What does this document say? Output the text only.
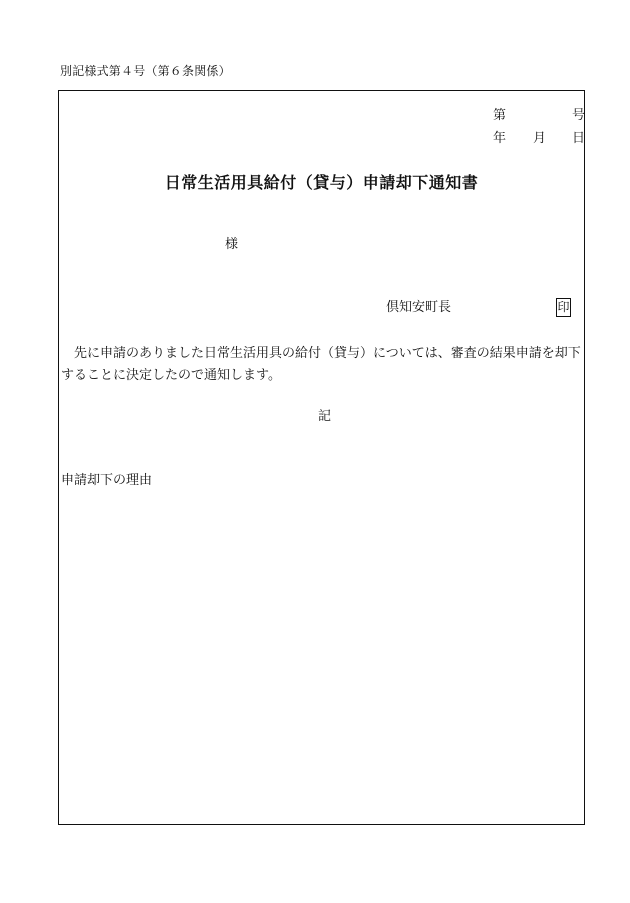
別記様式第４号（第６条関係）
第	号
年 月 日
日常生活用具給付（貸与）申請却下通知書
様
倶知安町長	印
先に申請のありました日常生活用具の給付（貸与）については、審査の結果申請を却下することに決定したので通知します。
記
申請却下の理由
